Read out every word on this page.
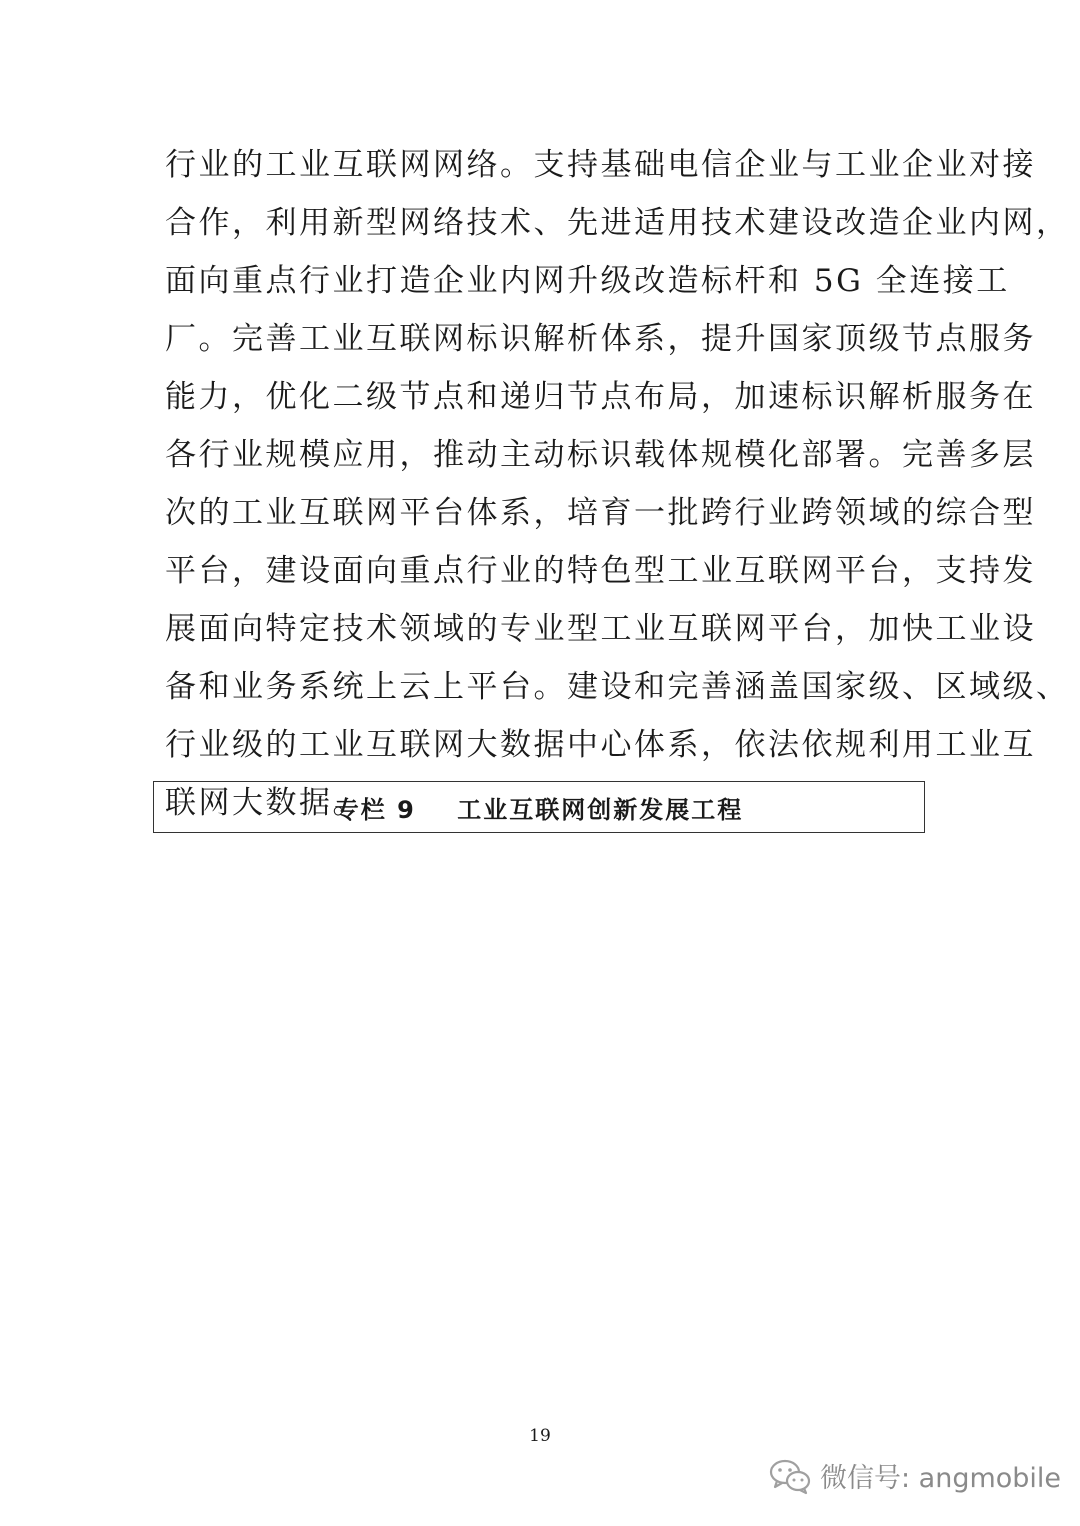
行业的工业互联网网络。支持基础电信企业与工业企业对接
合作，利用新型网络技术、先进适用技术建设改造企业内网，
面向重点行业打造企业内网升级改造标杆和 5G 全连接工
厂。完善工业互联网标识解析体系，提升国家顶级节点服务
能力，优化二级节点和递归节点布局，加速标识解析服务在
各行业规模应用，推动主动标识载体规模化部署。完善多层
次的工业互联网平台体系，培育一批跨行业跨领域的综合型
平台，建设面向重点行业的特色型工业互联网平台，支持发
展面向特定技术领域的专业型工业互联网平台，加快工业设
备和业务系统上云上平台。建设和完善涵盖国家级、区域级、
行业级的工业互联网大数据中心体系，依法依规利用工业互
联网大数据。
专栏 9    工业互联网创新发展工程
19
微信号: angmobile
